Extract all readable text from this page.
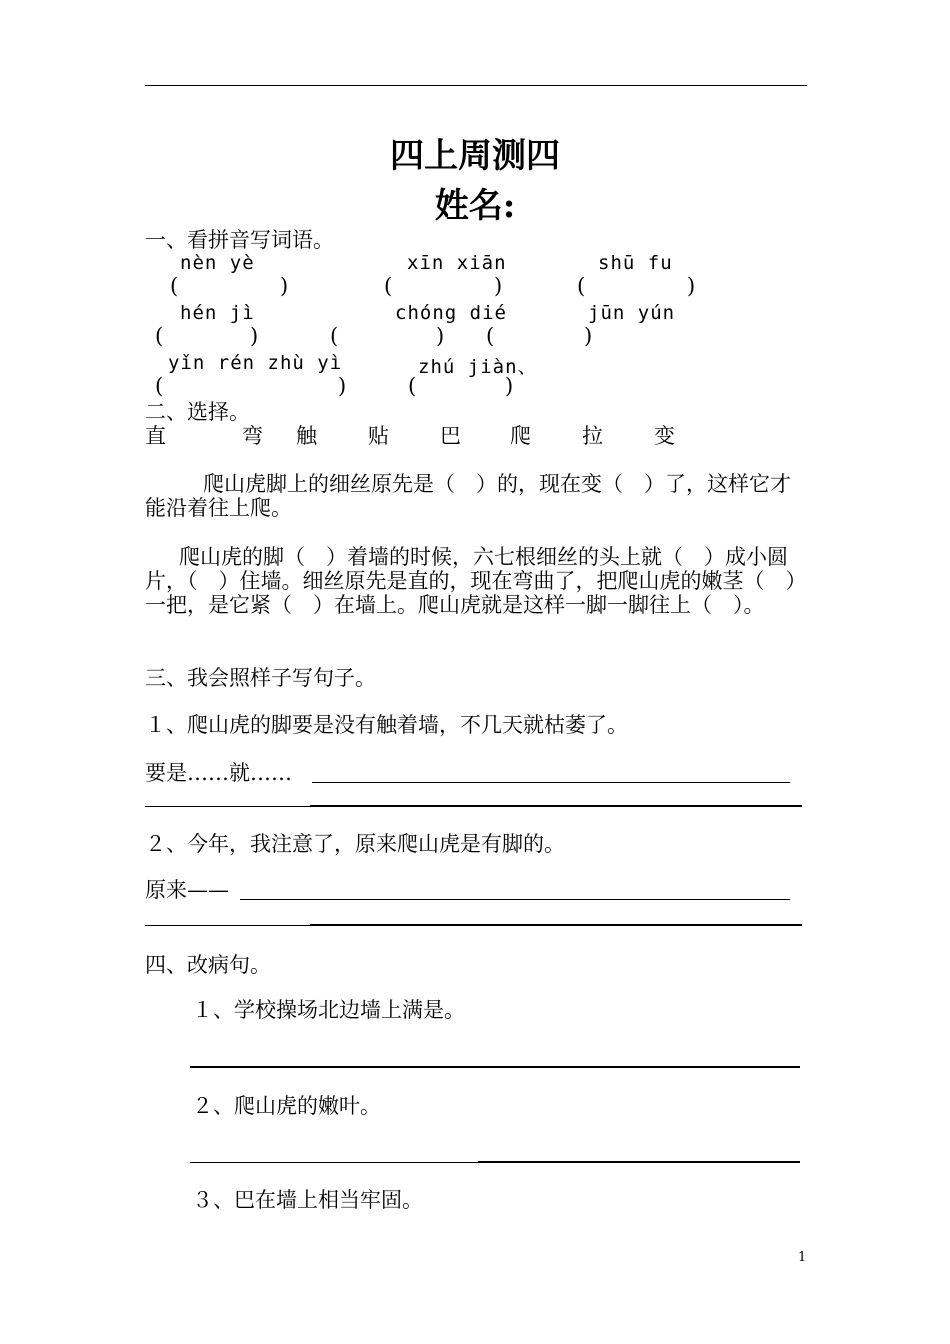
四上周测四
姓名:
一、看拼音写词语。
nèn yè	xīn xiān	shū fu
(	)	(	)	(	)
hén jì	chóng dié	jūn yún
(	)	(	) (	)
yǐn rén zhù yì	zhú jiàn、
(	)	(	)
二、选择。
直	弯 触 贴 巴 爬 拉 变
爬山虎脚上的细丝原先是（　）的，现在变（　）了，这样它才能沿着往上爬。
爬山虎的脚（　）着墙的时候，六七根细丝的头上就（　）成小圆片，（　）住墙。细丝原先是直的，现在弯曲了，把爬山虎的嫩茎（　）一把，是它紧（　）在墙上。爬山虎就是这样一脚一脚往上（　）。
三、我会照样子写句子。
１、爬山虎的脚要是没有触着墙，不几天就枯萎了。
要是……就……
２、今年，我注意了，原来爬山虎是有脚的。
原来——
四、改病句。
１、学校操场北边墙上满是。
２、爬山虎的嫩叶。
３、巴在墙上相当牢固。
1
